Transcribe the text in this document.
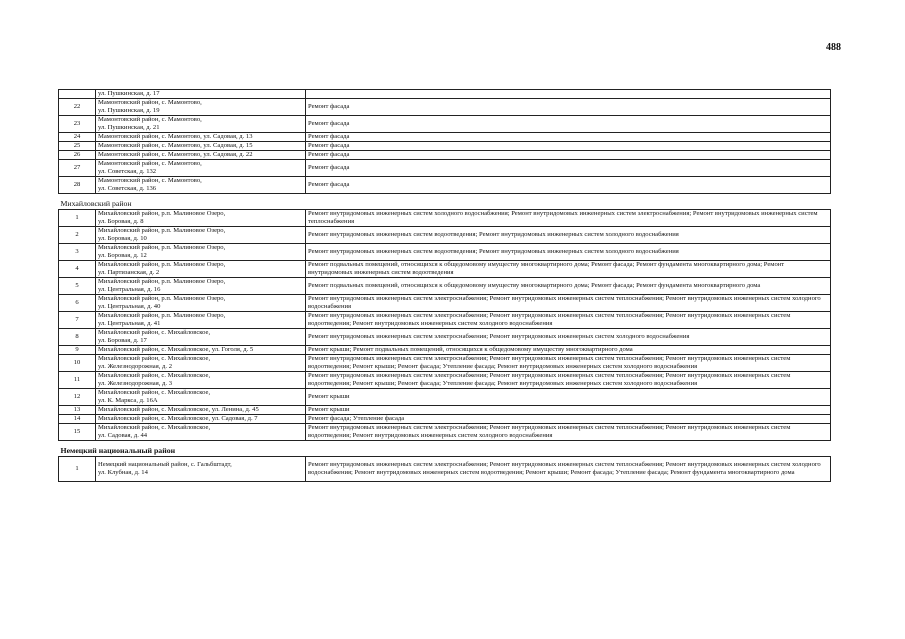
488
	ул. Пушкинская, д. 17	
22	Мамонтовский район, с. Мамонтово,
ул. Пушкинская, д. 19	Ремонт фасада
23	Мамонтовский район, с. Мамонтово,
ул. Пушкинская, д. 21	Ремонт фасада
24	Мамонтовский район, с. Мамонтово, ул. Садовая, д. 13	Ремонт фасада
25	Мамонтовский район, с. Мамонтово, ул. Садовая, д. 15	Ремонт фасада
26	Мамонтовский район, с. Мамонтово, ул. Садовая, д. 22	Ремонт фасада
27	Мамонтовский район, с. Мамонтово,
ул. Советская, д. 132	Ремонт фасада
28	Мамонтовский район, с. Мамонтово,
ул. Советская, д. 136	Ремонт фасада
Михайловский район		
1	Михайловский район, р.п. Малиновое Озеро,
ул. Боровая, д. 8	Ремонт внутридомовых инженерных систем холодного водоснабжения; Ремонт внутридомовых инженерных систем электроснабжения; Ремонт внутридомовых инженерных систем теплоснабжения
2	Михайловский район, р.п. Малиновое Озеро,
ул. Боровая, д. 10	Ремонт внутридомовых инженерных систем водоотведения; Ремонт внутридомовых инженерных систем холодного водоснабжения
3	Михайловский район, р.п. Малиновое Озеро,
ул. Боровая, д. 12	Ремонт внутридомовых инженерных систем водоотведения; Ремонт внутридомовых инженерных систем холодного водоснабжения
4	Михайловский район, р.п. Малиновое Озеро,
ул. Партизанская, д. 2	Ремонт подвальных помещений, относящихся к общедомовому имуществу многоквартирного дома; Ремонт фасада; Ремонт фундамента многоквартирного дома; Ремонт внутридомовых инженерных систем водоотведения
5	Михайловский район, р.п. Малиновое Озеро,
ул. Центральная, д. 16	Ремонт подвальных помещений, относящихся к общедомовому имуществу многоквартирного дома; Ремонт фасада; Ремонт фундамента многоквартирного дома
6	Михайловский район, р.п. Малиновое Озеро,
ул. Центральная, д. 40	Ремонт внутридомовых инженерных систем электроснабжения; Ремонт внутридомовых инженерных систем теплоснабжения; Ремонт внутридомовых инженерных систем холодного водоснабжения
7	Михайловский район, р.п. Малиновое Озеро,
ул. Центральная, д. 41	Ремонт внутридомовых инженерных систем электроснабжения; Ремонт внутридомовых инженерных систем теплоснабжения; Ремонт внутридомовых инженерных систем водоотведения; Ремонт внутридомовых инженерных систем холодного водоснабжения
8	Михайловский район, с. Михайловское,
ул. Боровая, д. 17	Ремонт внутридомовых инженерных систем электроснабжения; Ремонт внутридомовых инженерных систем холодного водоснабжения
9	Михайловский район, с. Михайловское, ул. Гоголя, д. 5	Ремонт крыши; Ремонт подвальных помещений, относящихся к общедомовому имуществу многоквартирного дома
10	Михайловский район, с. Михайловское,
ул. Железнодорожная, д. 2	Ремонт внутридомовых инженерных систем электроснабжения; Ремонт внутридомовых инженерных систем теплоснабжения; Ремонт внутридомовых инженерных систем водоотведения; Ремонт крыши; Ремонт фасада; Утепление фасада; Ремонт внутридомовых инженерных систем холодного водоснабжения
11	Михайловский район, с. Михайловское,
ул. Железнодорожная, д. 3	Ремонт внутридомовых инженерных систем электроснабжения; Ремонт внутридомовых инженерных систем теплоснабжения; Ремонт внутридомовых инженерных систем водоотведения; Ремонт крыши; Ремонт фасада; Утепление фасада; Ремонт внутридомовых инженерных систем холодного водоснабжения
12	Михайловский район, с. Михайловское,
ул. К. Маркса, д. 16А	Ремонт крыши
13	Михайловский район, с. Михайловское, ул. Ленина, д. 45	Ремонт крыши
14	Михайловский район, с. Михайловское, ул. Садовая, д. 7	Ремонт фасада; Утепление фасада
15	Михайловский район, с. Михайловское,
ул. Садовая, д. 44	Ремонт внутридомовых инженерных систем электроснабжения; Ремонт внутридомовых инженерных систем теплоснабжения; Ремонт внутридомовых инженерных систем водоотведения; Ремонт внутридомовых инженерных систем холодного водоснабжения
Немецкий национальный район		
1	Немецкий национальный район, с. Гальбштадт,
ул. Клубная, д. 14	Ремонт внутридомовых инженерных систем электроснабжения; Ремонт внутридомовых инженерных систем теплоснабжения; Ремонт внутридомовых инженерных систем холодного водоснабжения; Ремонт внутридомовых инженерных систем водоотведения; Ремонт крыши; Ремонт фасада; Утепление фасада; Ремонт фундамента многоквартирного дома
